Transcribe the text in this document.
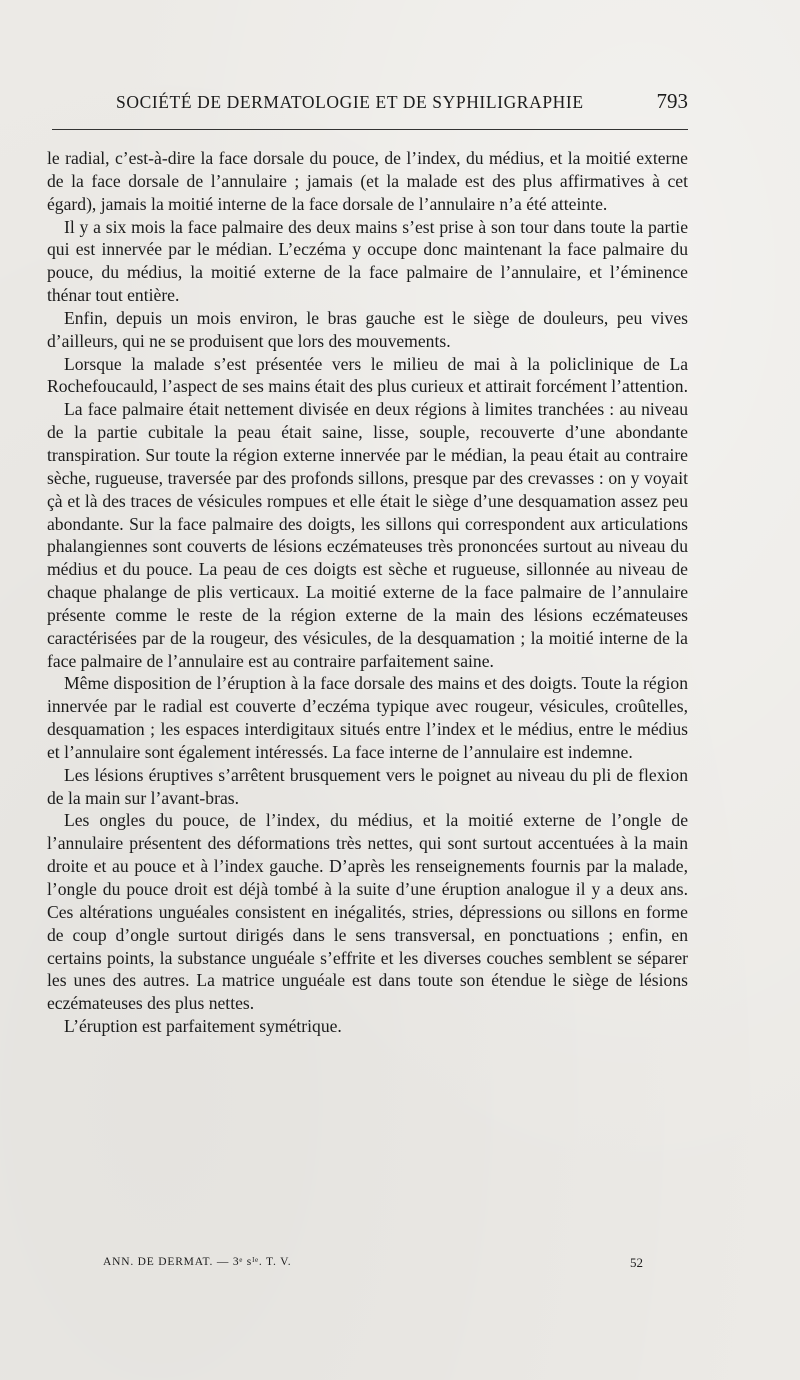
SOCIÉTÉ DE DERMATOLOGIE ET DE SYPHILIGRAPHIE	793

le radial, c’est-à-dire la face dorsale du pouce, de l’index, du médius, et la moitié externe de la face dorsale de l’annulaire ; jamais (et la malade est des plus affirmatives à cet égard), jamais la moitié interne de la face dorsale de l’annulaire n’a été atteinte.

Il y a six mois la face palmaire des deux mains s’est prise à son tour dans toute la partie qui est innervée par le médian. L’eczéma y occupe donc maintenant la face palmaire du pouce, du médius, la moitié externe de la face palmaire de l’annulaire, et l’éminence thénar tout entière.

Enfin, depuis un mois environ, le bras gauche est le siège de douleurs, peu vives d’ailleurs, qui ne se produisent que lors des mouvements.

Lorsque la malade s’est présentée vers le milieu de mai à la policlinique de La Rochefoucauld, l’aspect de ses mains était des plus curieux et attirait forcément l’attention.

La face palmaire était nettement divisée en deux régions à limites tranchées : au niveau de la partie cubitale la peau était saine, lisse, souple, recouverte d’une abondante transpiration. Sur toute la région externe innervée par le médian, la peau était au contraire sèche, rugueuse, traversée par des profonds sillons, presque par des crevasses : on y voyait çà et là des traces de vésicules rompues et elle était le siège d’une desquamation assez peu abondante. Sur la face palmaire des doigts, les sillons qui correspondent aux articulations phalangiennes sont couverts de lésions eczémateuses très prononcées surtout au niveau du médius et du pouce. La peau de ces doigts est sèche et rugueuse, sillonnée au niveau de chaque phalange de plis verticaux. La moitié externe de la face palmaire de l’annulaire présente comme le reste de la région externe de la main des lésions eczémateuses caractérisées par de la rougeur, des vésicules, de la desquamation ; la moitié interne de la face palmaire de l’annulaire est au contraire parfaitement saine.

Même disposition de l’éruption à la face dorsale des mains et des doigts. Toute la région innervée par le radial est couverte d’eczéma typique avec rougeur, vésicules, croûtelles, desquamation ; les espaces interdigitaux situés entre l’index et le médius, entre le médius et l’annulaire sont également intéressés. La face interne de l’annulaire est indemne.

Les lésions éruptives s’arrêtent brusquement vers le poignet au niveau du pli de flexion de la main sur l’avant-bras.

Les ongles du pouce, de l’index, du médius, et la moitié externe de l’ongle de l’annulaire présentent des déformations très nettes, qui sont surtout accentuées à la main droite et au pouce et à l’index gauche. D’après les renseignements fournis par la malade, l’ongle du pouce droit est déjà tombé à la suite d’une éruption analogue il y a deux ans. Ces altérations unguéales consistent en inégalités, stries, dépressions ou sillons en forme de coup d’ongle surtout dirigés dans le sens transversal, en ponctuations ; enfin, en certains points, la substance unguéale s’effrite et les diverses couches semblent se séparer les unes des autres. La matrice unguéale est dans toute son étendue le siège de lésions eczémateuses des plus nettes.

L’éruption est parfaitement symétrique.

ANN. DE DERMAT. — 3ᵉ sᴵᵉ. T. V.	52
